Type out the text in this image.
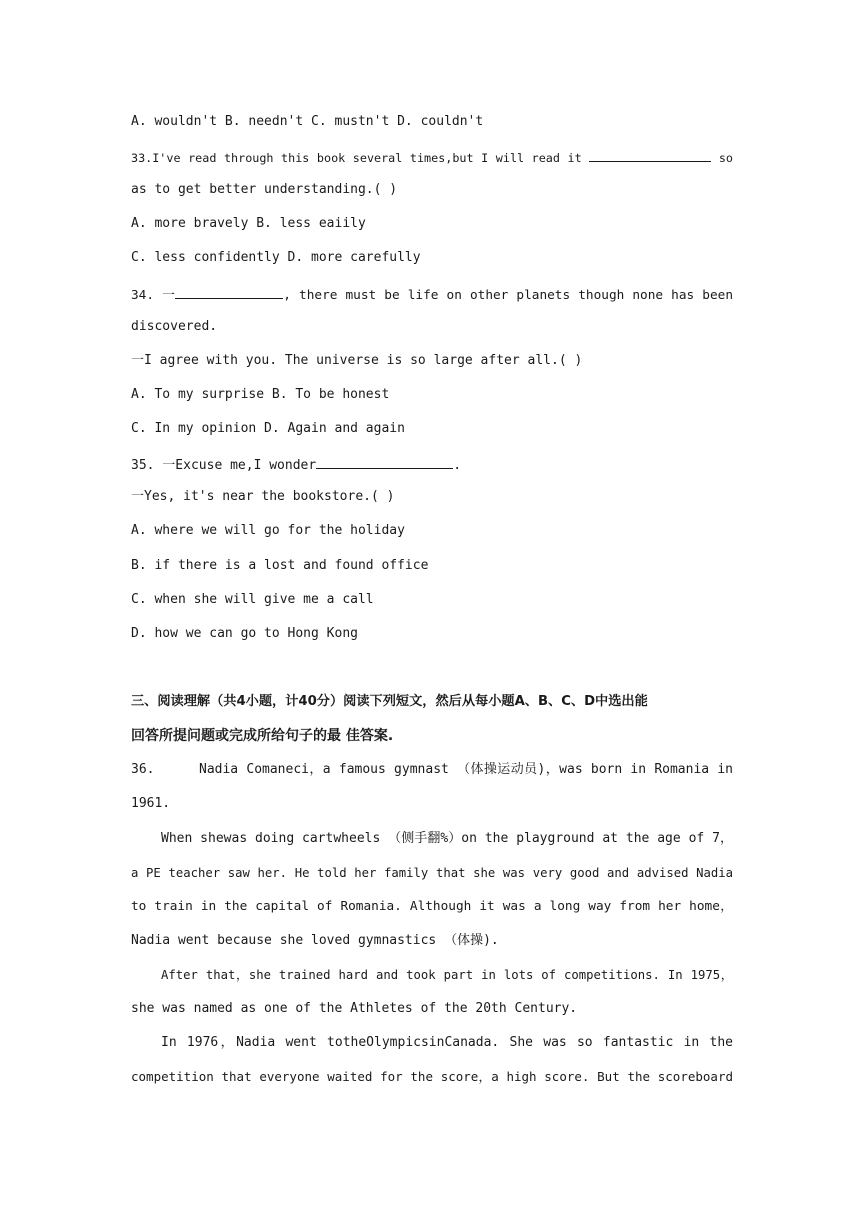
A. wouldn't B. needn't C. mustn't D. couldn't
33.I've read through this book several times,but I will read it	so
as to get better understanding.( )
A. more bravely B. less eaiily
C. less confidently D. more carefully
34. 一	, there must be life on other planets though none has been
discovered.
一I agree with you. The universe is so large after all.( )
A. To my surprise B. To be honest
C. In my opinion D. Again and again
35. 一Excuse me,I wonder	.
一Yes, it's near the bookstore.( )
A. where we will go for the holiday
B. if there is a lost and found office
C. when she will give me a call
D. how we can go to Hong Kong
三、阅读理解（共4小题，计40分）阅读下列短文，然后从每小题A、B、C、D中选出能
回答所提问题或完成所给句子的最 佳答案.
36.	Nadia Comaneci，a famous gymnast （体操运动员)，was born in Romania in
1961.
When shewas doing cartwheels （侧手翻%）on the playground at the age of 7，
a PE teacher saw her. He told her family that she was very good and advised Nadia
to train in the capital of Romania. Although it was a long way from her home，
Nadia went because she loved gymnastics （体操).
After that，she trained hard and took part in lots of competitions. In 1975，
she was named as one of the Athletes of the 20th Century.
In 1976，Nadia went totheOlympicsinCanada. She was so fantastic in the
competition that everyone waited for the score，a high score. But the scoreboard
